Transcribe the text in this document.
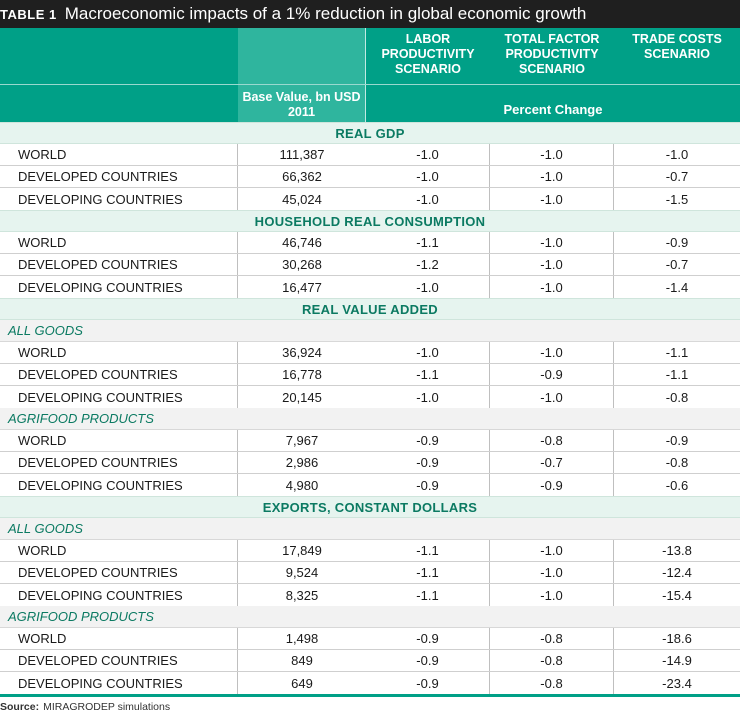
TABLE 1 Macroeconomic impacts of a 1% reduction in global economic growth
LABOR PRODUCTIVITY SCENARIO
TOTAL FACTOR PRODUCTIVITY SCENARIO
TRADE COSTS SCENARIO
Base Value, bn USD 2011	Percent Change
REAL GDP
WORLD	111,387	-1.0	-1.0	-1.0
DEVELOPED COUNTRIES	66,362	-1.0	-1.0	-0.7
DEVELOPING COUNTRIES	45,024	-1.0	-1.0	-1.5
HOUSEHOLD REAL CONSUMPTION
WORLD	46,746	-1.1	-1.0	-0.9
DEVELOPED COUNTRIES	30,268	-1.2	-1.0	-0.7
DEVELOPING COUNTRIES	16,477	-1.0	-1.0	-1.4
REAL VALUE ADDED
ALL GOODS
WORLD	36,924	-1.0	-1.0	-1.1
DEVELOPED COUNTRIES	16,778	-1.1	-0.9	-1.1
DEVELOPING COUNTRIES	20,145	-1.0	-1.0	-0.8
AGRIFOOD PRODUCTS
WORLD	7,967	-0.9	-0.8	-0.9
DEVELOPED COUNTRIES	2,986	-0.9	-0.7	-0.8
DEVELOPING COUNTRIES	4,980	-0.9	-0.9	-0.6
EXPORTS, CONSTANT DOLLARS
ALL GOODS
WORLD	17,849	-1.1	-1.0	-13.8
DEVELOPED COUNTRIES	9,524	-1.1	-1.0	-12.4
DEVELOPING COUNTRIES	8,325	-1.1	-1.0	-15.4
AGRIFOOD PRODUCTS
WORLD	1,498	-0.9	-0.8	-18.6
DEVELOPED COUNTRIES	849	-0.9	-0.8	-14.9
DEVELOPING COUNTRIES	649	-0.9	-0.8	-23.4
Source: MIRAGRODEP simulations
